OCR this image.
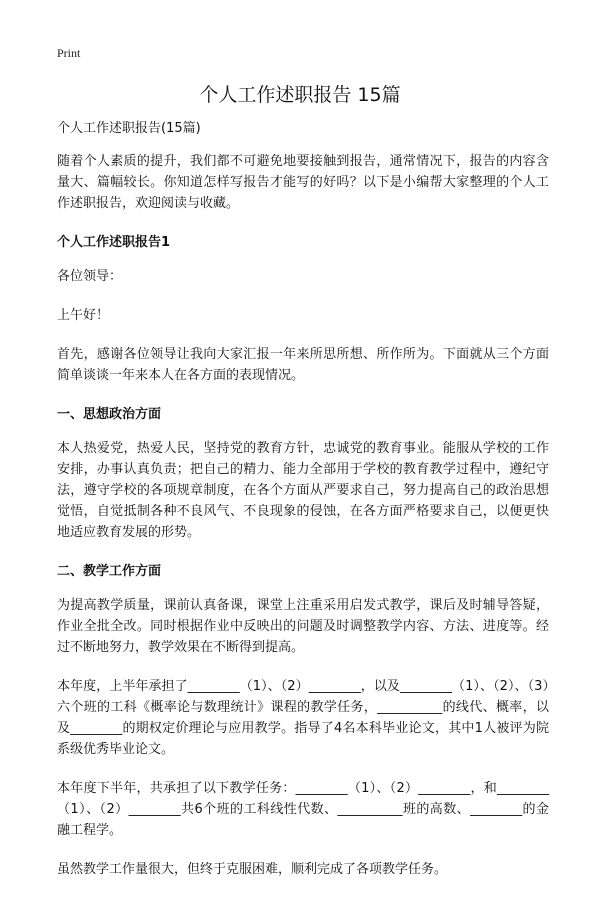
Print
个人工作述职报告 15篇

个人工作述职报告(15篇)

随着个人素质的提升，我们都不可避免地要接触到报告，通常情况下，报告的内容含量大、篇幅较长。你知道怎样写报告才能写的好吗？以下是小编帮大家整理的个人工作述职报告，欢迎阅读与收藏。

个人工作述职报告1

各位领导：

上午好！

首先，感谢各位领导让我向大家汇报一年来所思所想、所作所为。下面就从三个方面简单谈谈一年来本人在各方面的表现情况。

一、思想政治方面

本人热爱党，热爱人民，坚持党的教育方针，忠诚党的教育事业。能服从学校的工作安排，办事认真负责；把自己的精力、能力全部用于学校的教育教学过程中，遵纪守法，遵守学校的各项规章制度，在各个方面从严要求自己，努力提高自己的政治思想觉悟，自觉抵制各种不良风气、不良现象的侵蚀，在各方面严格要求自己，以便更快地适应教育发展的形势。

二、教学工作方面

为提高教学质量，课前认真备课，课堂上注重采用启发式教学，课后及时辅导答疑，作业全批全改。同时根据作业中反映出的问题及时调整教学内容、方法、进度等。经过不断地努力，教学效果在不断得到提高。

本年度，上半年承担了________（1）、（2）________，以及________（1）、（2）、（3）六个班的工科《概率论与数理统计》课程的教学任务，__________的线代、概率，以及________的期权定价理论与应用教学。指导了4名本科毕业论文，其中1人被评为院系级优秀毕业论文。

本年度下半年，共承担了以下教学任务：________（1）、（2）________，和________（1）、（2）________共6个班的工科线性代数、__________班的高数、________的金融工程学。

虽然教学工作量很大，但终于克服困难，顺利完成了各项教学任务。
